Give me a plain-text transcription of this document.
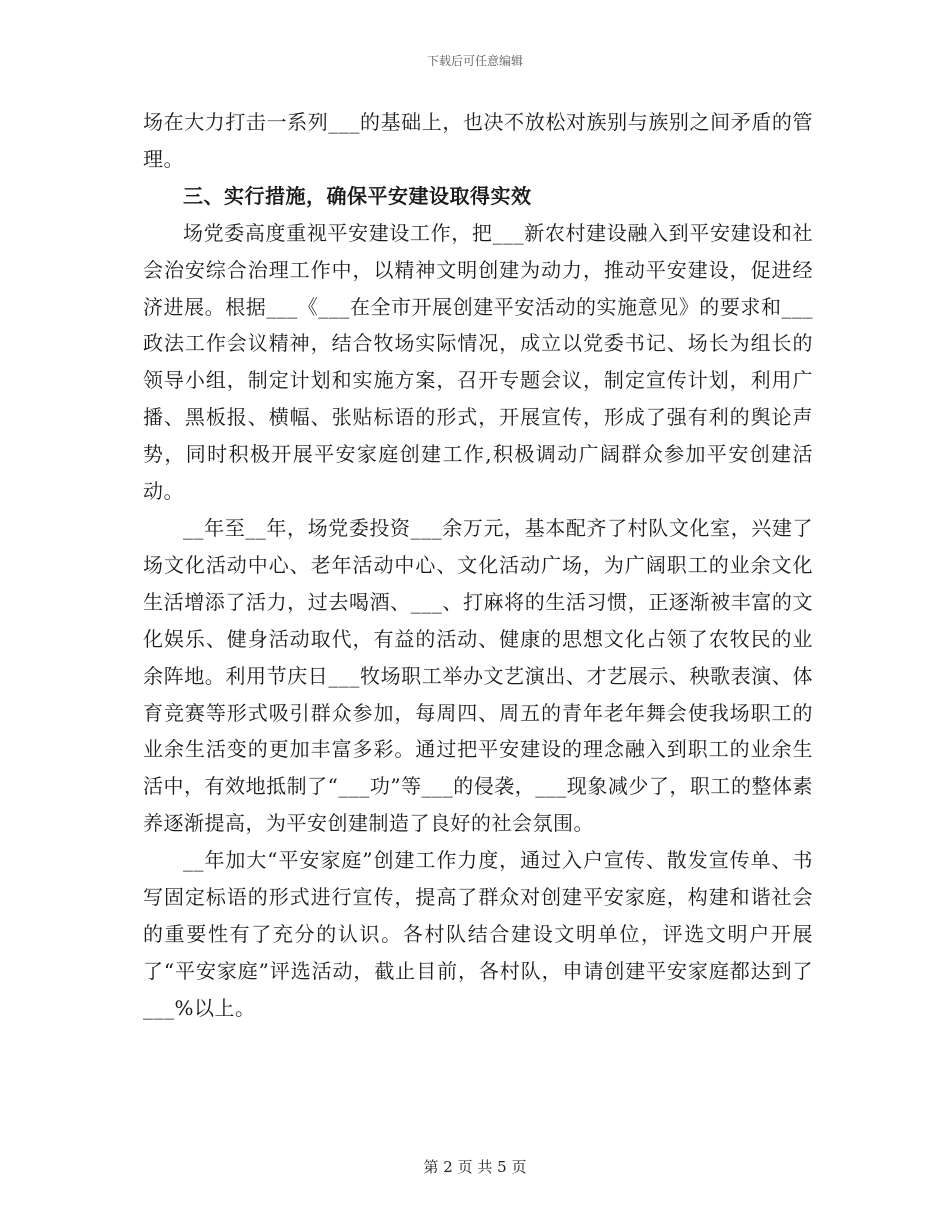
下载后可任意编辑

场在大力打击一系列___的基础上，也决不放松对族别与族别之间矛盾的管理。

三、实行措施，确保平安建设取得实效

场党委高度重视平安建设工作，把___新农村建设融入到平安建设和社会治安综合治理工作中，以精神文明创建为动力，推动平安建设，促进经济进展。根据___《___在全市开展创建平安活动的实施意见》的要求和___政法工作会议精神，结合牧场实际情况，成立以党委书记、场长为组长的领导小组，制定计划和实施方案，召开专题会议，制定宣传计划，利用广播、黑板报、横幅、张贴标语的形式，开展宣传，形成了强有利的舆论声势，同时积极开展平安家庭创建工作,积极调动广阔群众参加平安创建活动。

__年至__年，场党委投资___余万元，基本配齐了村队文化室，兴建了场文化活动中心、老年活动中心、文化活动广场，为广阔职工的业余文化生活增添了活力，过去喝酒、___、打麻将的生活习惯，正逐渐被丰富的文化娱乐、健身活动取代，有益的活动、健康的思想文化占领了农牧民的业余阵地。利用节庆日___牧场职工举办文艺演出、才艺展示、秧歌表演、体育竞赛等形式吸引群众参加，每周四、周五的青年老年舞会使我场职工的业余生活变的更加丰富多彩。通过把平安建设的理念融入到职工的业余生活中，有效地抵制了“___功”等___的侵袭，___现象减少了，职工的整体素养逐渐提高，为平安创建制造了良好的社会氛围。

__年加大“平安家庭”创建工作力度，通过入户宣传、散发宣传单、书写固定标语的形式进行宣传，提高了群众对创建平安家庭，构建和谐社会的重要性有了充分的认识。各村队结合建设文明单位，评选文明户开展了“平安家庭”评选活动，截止目前，各村队，申请创建平安家庭都达到了___%以上。

第 2 页 共 5 页
